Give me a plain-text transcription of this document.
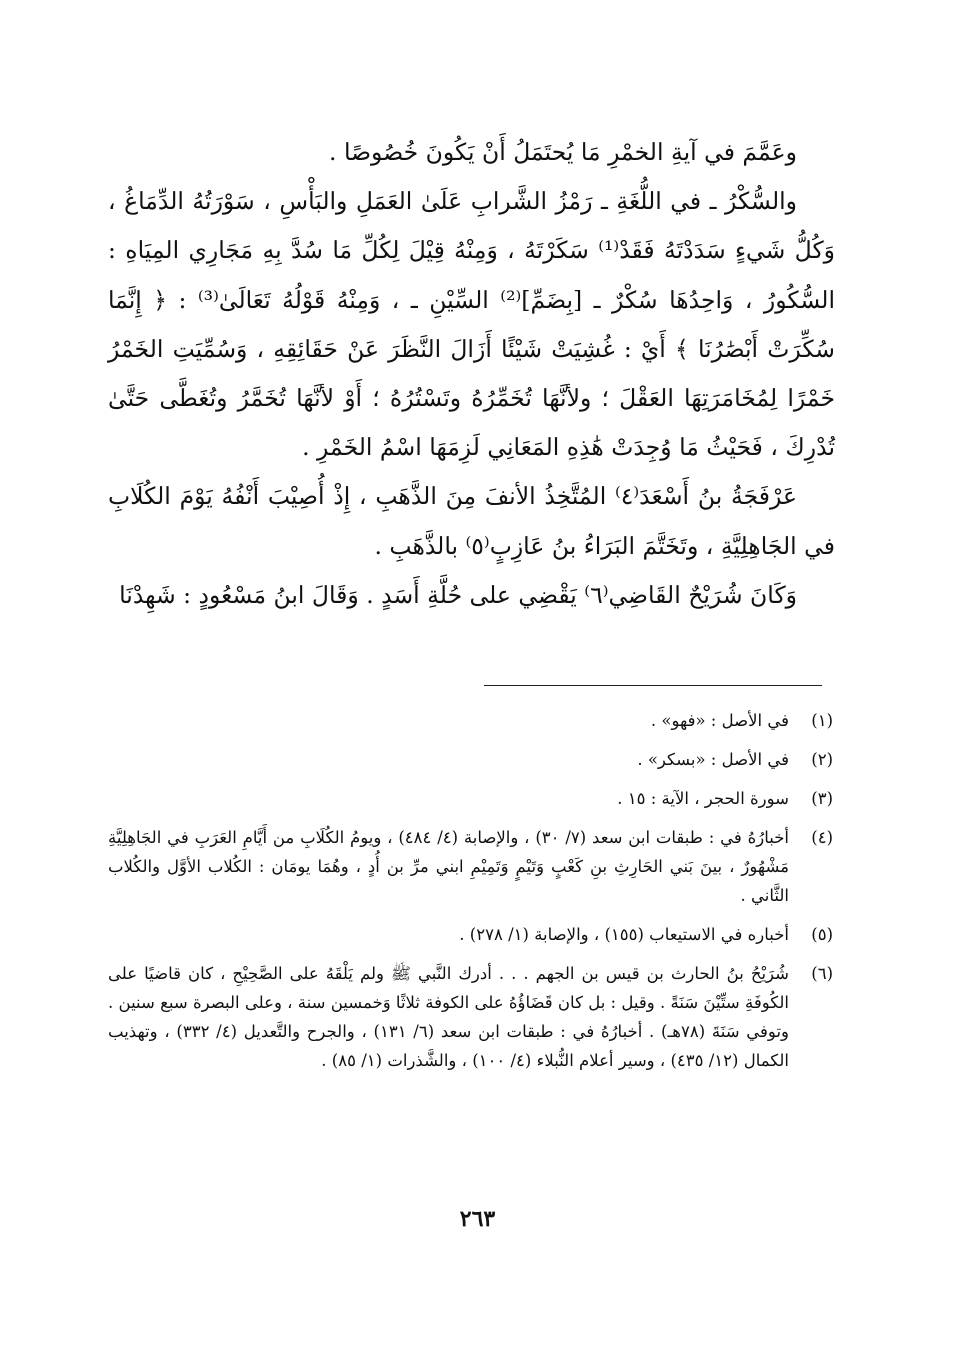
وعَمَّمَ في آيةِ الخمْرِ مَا يُحتَمَلُ أَنْ يَكُونَ خُصُوصًا .

والسُّكْرُ ـ في اللُّغَةِ ـ رَمْزُ الشَّرابِ عَلَىٰ العَمَلِ والبَأْسِ ، سَوْرَتُهُ الدِّمَاغُ ، وَكُلُّ شَيءٍ سَدَدْتَهُ فَقَدْ⁽¹⁾ سَكَرْتَهُ ، وَمِنْهُ قِيْلَ لِكُلِّ مَا سُدَّ بِهِ مَجَارِي المِيَاهِ : السُّكُورُ ، وَاحِدُهَا سُكْرٌ ـ [بِضَمِّ]⁽²⁾ السِّيْنِ ـ ، وَمِنْهُ قَوْلُهُ تَعَالَىٰ⁽³⁾ : ﴿ إِنَّمَا سُكِّرَتْ أَبْصَٰرُنَا ﴾ أَيْ : غُشِيَتْ شَيْئًا أَزَالَ النَّظَرَ عَنْ حَقَائِقِهِ ، وَسُمِّيَتِ الخَمْرُ خَمْرًا لِمُخَامَرَتِهَا العَقْلَ ؛ ولأنَّهَا تُخَمِّرُهُ وتَسْتُرُهُ ؛ أَوْ لأنَّهَا تُخَمَّرُ وتُغَطَّى حَتَّىٰ تُدْرِكَ ، فَحَيْثُ مَا وُجِدَتْ هَٰذِهِ المَعَانِي لَزِمَهَا اسْمُ الخَمْرِ .

عَرْفَجَةُ بنُ أَسْعَدَ⁽٤⁾ المُتَّخِذُ الأنفَ مِنَ الذَّهَبِ ، إِذْ أُصِيْبَ أَنْفُهُ يَوْمَ الكُلَابِ في الجَاهِلِيَّةِ ، وتَخَتَّمَ البَرَاءُ بنُ عَازِبٍ⁽٥⁾ بالذَّهَبِ .

وَكَانَ شُرَيْحٌ القَاضِي⁽٦⁾ يَقْضِي على حُلَّةِ أَسَدٍ . وَقَالَ ابنُ مَسْعُودٍ : شَهِدْنَا

(١)
في الأصل : «فهو» .
(٢)
في الأصل : «بسكر» .
(٣)
سورة الحجر ، الآية : ١٥ .
(٤)
أخبارُهُ في : طبقات ابن سعد (٧/ ٣٠) ، والإصابة (٤/ ٤٨٤) ، ويومُ الكُلَابِ من أَيَّامِ العَرَبِ في الجَاهِلِيَّةِ مَشْهُورٌ ، بينَ بَني الحَارِثِ بنِ كَعْبٍ وَتَيْمٍ وَتَمِيْمِ ابني مرِّ بن أُدٍ ، وهُمَا يومَان : الكُلاب الأوَّل والكُلاب الثَّاني .
(٥)
أخباره في الاستيعاب (١٥٥) ، والإصابة (١/ ٢٧٨) .
(٦)
شُرَيْحُ بنُ الحارث بن قيس بن الجهم . . . أدرك النَّبي ﷺ ولم يَلْقَهُ على الصَّحِيْحِ ، كان قاضيًا على الكُوفَةِ ستِّيْنَ سَنَةً . وقيل : بل كان قَضَاؤُهُ على الكوفة ثلاثًا وَخمسين سنة ، وعلى البصرة سبع سنين . وتوفي سَنَةَ (٧٨هـ) . أخبارُهُ في : طبقات ابن سعد (٦/ ١٣١) ، والجرح والتَّعديل (٤/ ٣٣٢) ، وتهذيب الكمال (١٢/ ٤٣٥) ، وسير أعلام النُّبلاء (٤/ ١٠٠) ، والشَّذرات (١/ ٨٥) .
٢٦٣
